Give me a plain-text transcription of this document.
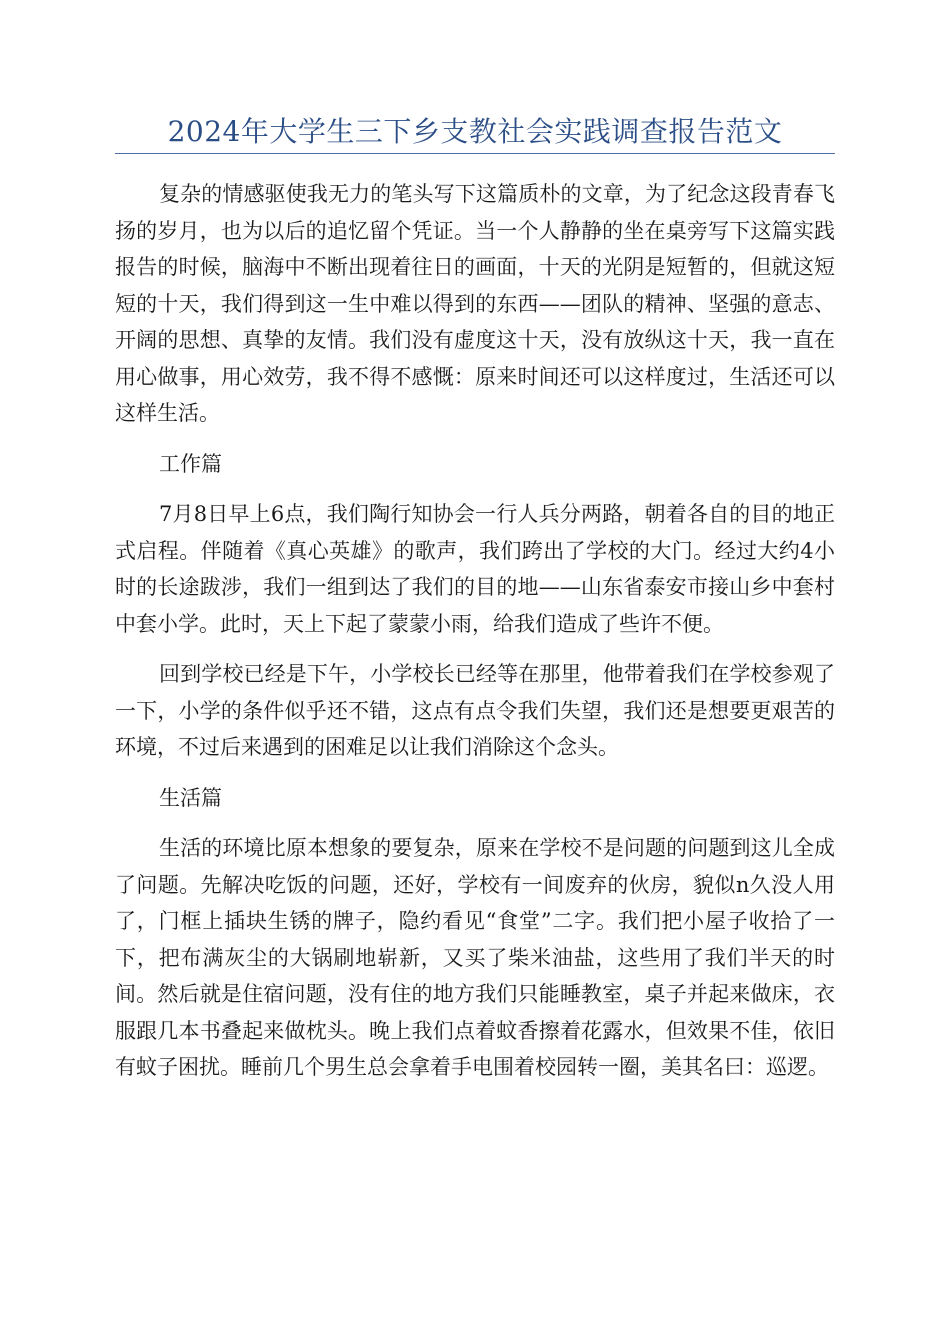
2024年大学生三下乡支教社会实践调查报告范文

复杂的情感驱使我无力的笔头写下这篇质朴的文章，为了纪念这段青春飞扬的岁月，也为以后的追忆留个凭证。当一个人静静的坐在桌旁写下这篇实践报告的时候，脑海中不断出现着往日的画面，十天的光阴是短暂的，但就这短短的十天，我们得到这一生中难以得到的东西——团队的精神、坚强的意志、开阔的思想、真挚的友情。我们没有虚度这十天，没有放纵这十天，我一直在用心做事，用心效劳，我不得不感慨：原来时间还可以这样度过，生活还可以这样生活。

工作篇

7月8日早上6点，我们陶行知协会一行人兵分两路，朝着各自的目的地正式启程。伴随着《真心英雄》的歌声，我们跨出了学校的大门。经过大约4小时的长途跋涉，我们一组到达了我们的目的地——山东省泰安市接山乡中套村中套小学。此时，天上下起了蒙蒙小雨，给我们造成了些许不便。

回到学校已经是下午，小学校长已经等在那里，他带着我们在学校参观了一下，小学的条件似乎还不错，这点有点令我们失望，我们还是想要更艰苦的环境，不过后来遇到的困难足以让我们消除这个念头。

生活篇

生活的环境比原本想象的要复杂，原来在学校不是问题的问题到这儿全成了问题。先解决吃饭的问题，还好，学校有一间废弃的伙房，貌似n久没人用了，门框上插块生锈的牌子，隐约看见“食堂”二字。我们把小屋子收拾了一下，把布满灰尘的大锅刷地崭新，又买了柴米油盐，这些用了我们半天的时间。然后就是住宿问题，没有住的地方我们只能睡教室，桌子并起来做床，衣服跟几本书叠起来做枕头。晚上我们点着蚊香擦着花露水，但效果不佳，依旧有蚊子困扰。睡前几个男生总会拿着手电围着校园转一圈，美其名曰：巡逻。
